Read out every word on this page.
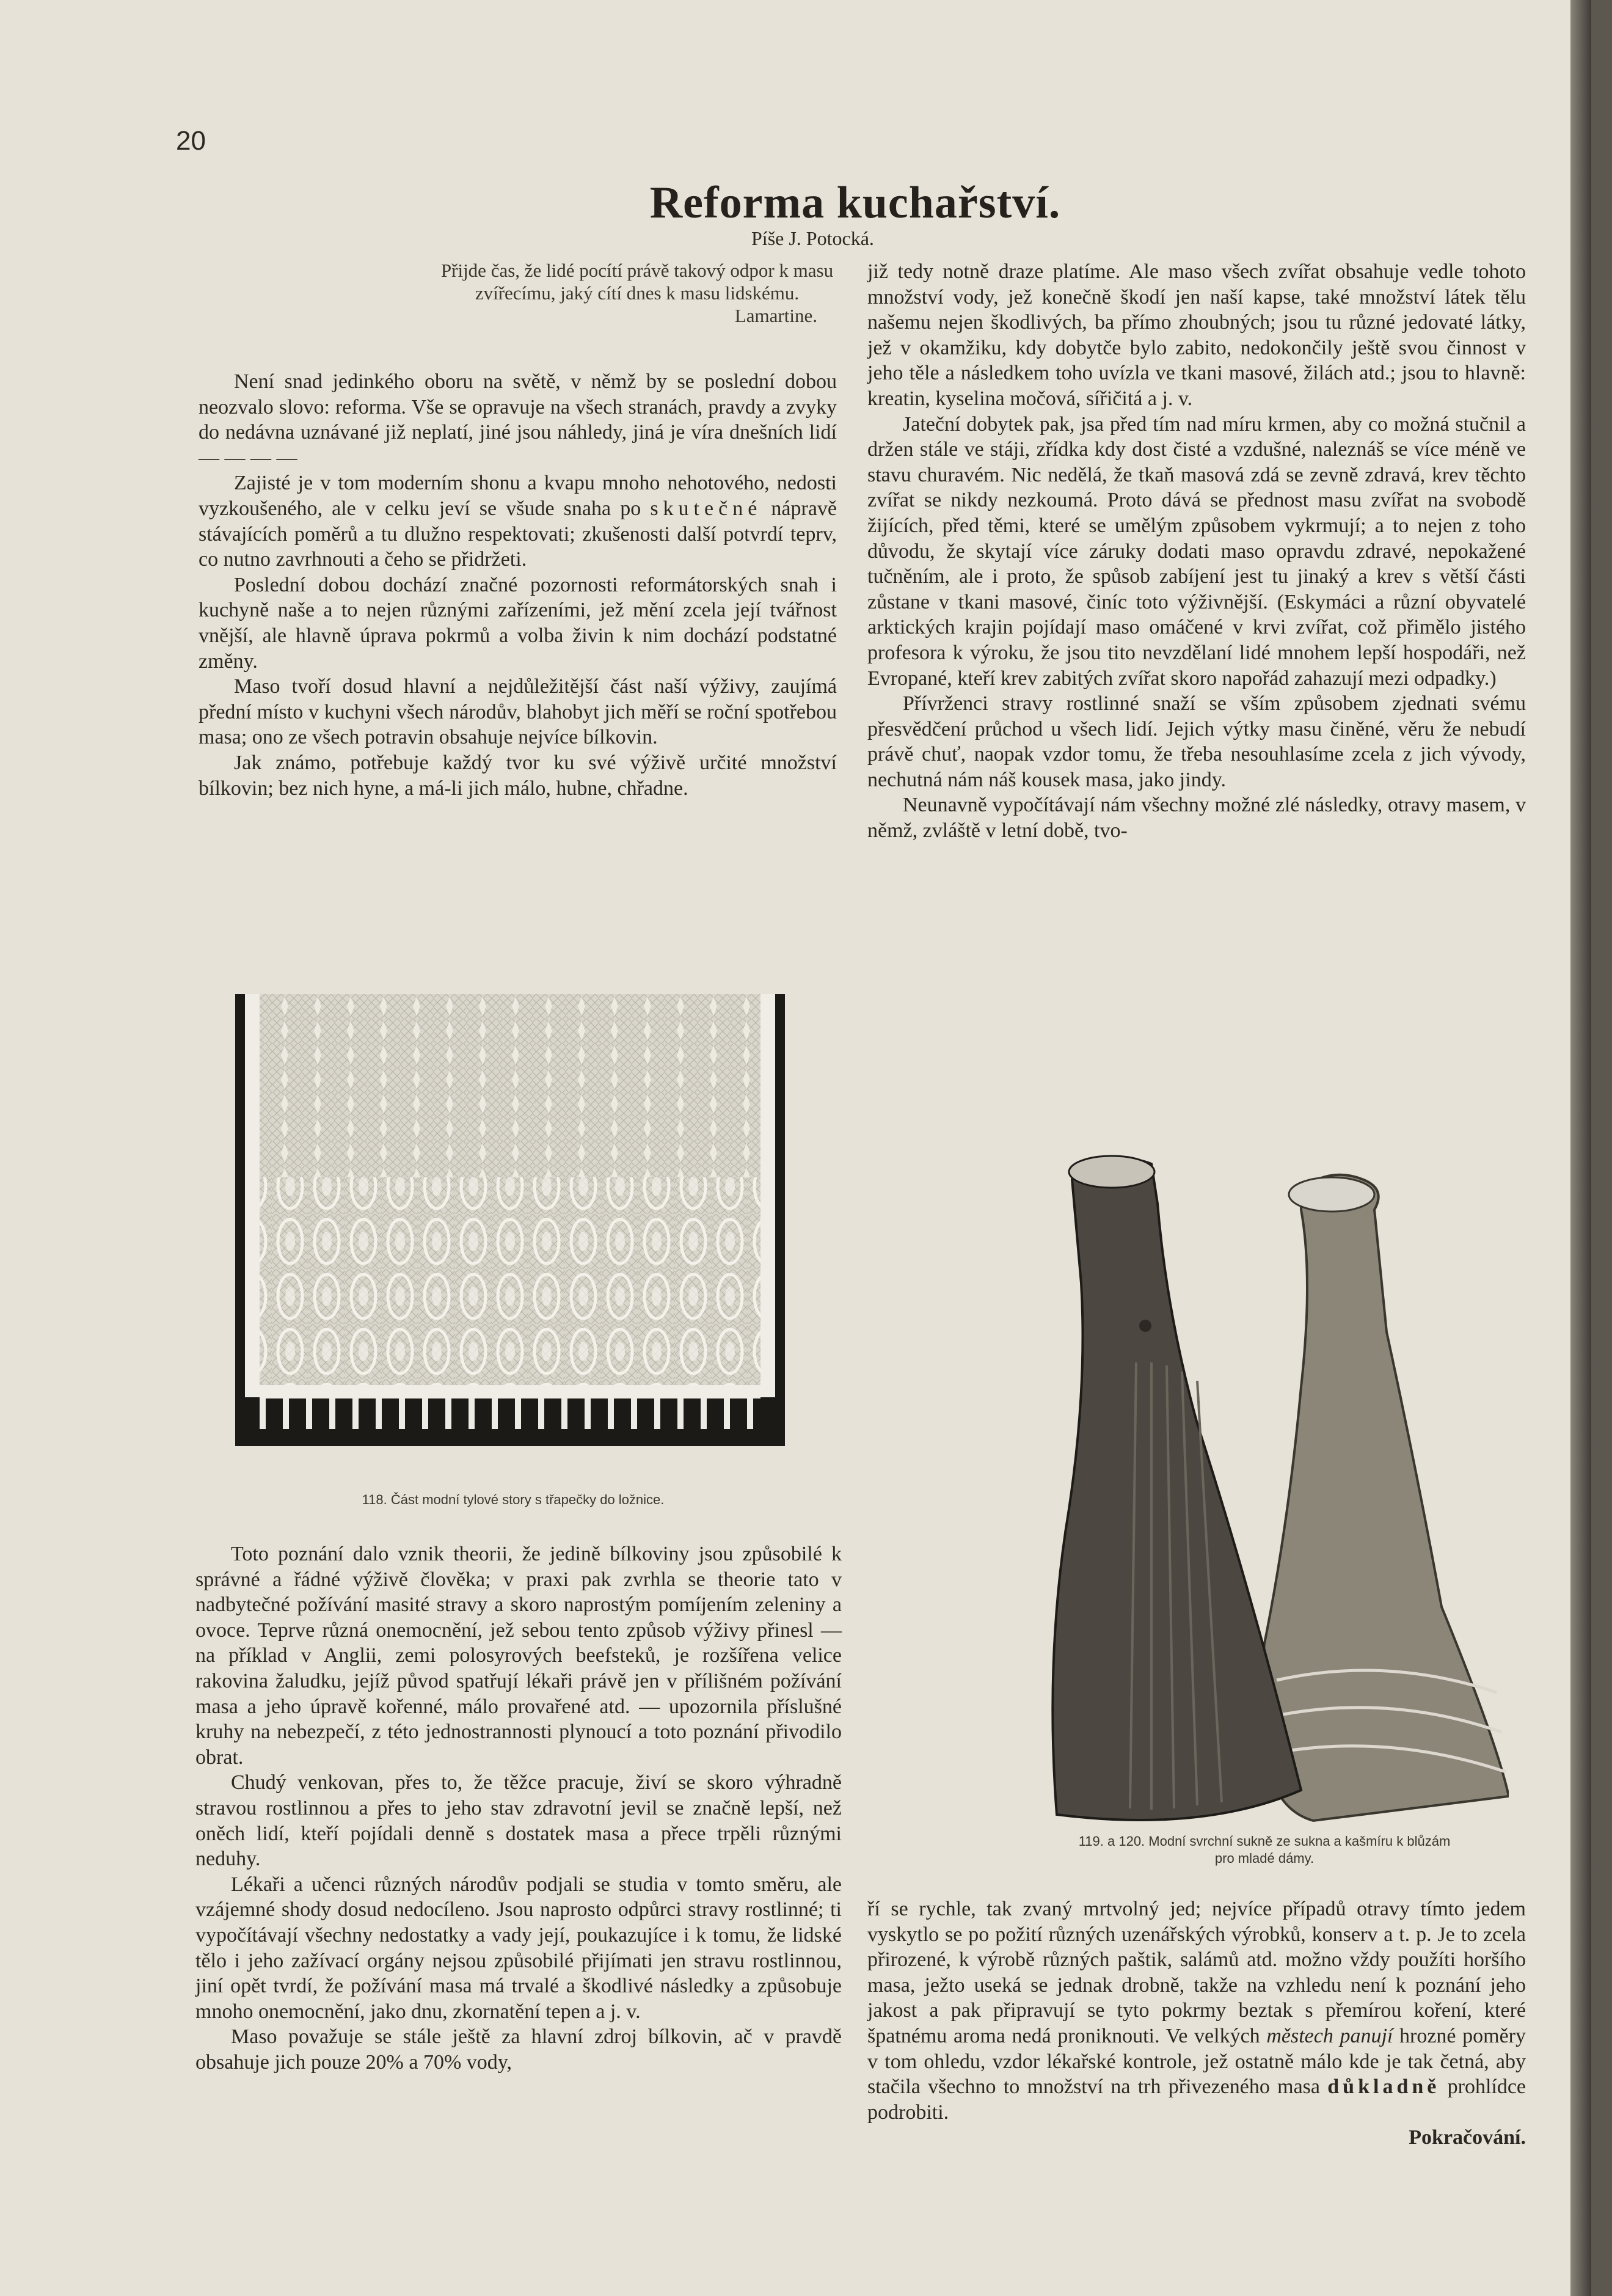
20
Reforma kuchařství.
Píše J. Potocká.
Přijde čas, že lidé pocítí právě takový odpor k masu zvířecímu, jaký cítí dnes k masu lidskému.
Lamartine.

Není snad jedinkého oboru na světě, v němž by se poslední dobou neozvalo slovo: reforma. Vše se opravuje na všech stranách, pravdy a zvyky do nedávna uznávané již neplatí, jiné jsou náhledy, jiná je víra dnešních lidí — — — —

Zajisté je v tom moderním shonu a kvapu mnoho nehotového, nedosti vyzkoušeného, ale v celku jeví se všude snaha po skutečné nápravě stávajících poměrů a tu dlužno respektovati; zkušenosti další potvrdí teprv, co nutno zavrhnouti a čeho se přidržeti.

Poslední dobou dochází značné pozornosti reformátorských snah i kuchyně naše a to nejen různými zařízeními, jež mění zcela její tvářnost vnější, ale hlavně úprava pokrmů a volba živin k nim dochází podstatné změny.

Maso tvoří dosud hlavní a nejdůležitější část naší výživy, zaujímá přední místo v kuchyni všech národův, blahobyt jich měří se roční spotřebou masa; ono ze všech potravin obsahuje nejvíce bílkovin.

Jak známo, potřebuje každý tvor ku své výživě určité množství bílkovin; bez nich hyne, a má-li jich málo, hubne, chřadne.

již tedy notně draze platíme. Ale maso všech zvířat obsahuje vedle tohoto množství vody, jež konečně škodí jen naší kapse, také množství látek tělu našemu nejen škodlivých, ba přímo zhoubných; jsou tu různé jedovaté látky, jež v okamžiku, kdy dobytče bylo zabito, nedokončily ještě svou činnost v jeho těle a následkem toho uvízla ve tkani masové, žilách atd.; jsou to hlavně: kreatin, kyselina močová, sířičitá a j. v.

Jateční dobytek pak, jsa před tím nad míru krmen, aby co možná stučnil a držen stále ve stáji, zřídka kdy dost čisté a vzdušné, naleznáš se více méně ve stavu churavém. Nic nedělá, že tkaň masová zdá se zevně zdravá, krev těchto zvířat se nikdy nezkoumá. Proto dává se přednost masu zvířat na svobodě žijících, před těmi, které se umělým způsobem vykrmují; a to nejen z toho důvodu, že skytají více záruky dodati maso opravdu zdravé, nepokažené tučněním, ale i proto, že spůsob zabíjení jest tu jinaký a krev s větší části zůstane v tkani masové, činíc toto výživnější. (Eskymáci a různí obyvatelé arktických krajin pojídají maso omáčené v krvi zvířat, což přimělo jistého profesora k výroku, že jsou tito nevzdělaní lidé mnohem lepší hospodáři, než Evropané, kteří krev zabitých zvířat skoro napořád zahazují mezi odpadky.)

Přívrženci stravy rostlinné snaží se vším způsobem zjednati svému přesvědčení průchod u všech lidí. Jejich výtky masu činěné, věru že nebudí právě chuť, naopak vzdor tomu, že třeba nesouhlasíme zcela z jich vývody, nechutná nám náš kousek masa, jako jindy.

Neunavně vypočítávají nám všechny možné zlé následky, otravy masem, v němž, zvláště v letní době, tvo-

118. Část modní tylové story s třapečky do ložnice.
119. a 120. Modní svrchní sukně ze sukna a kašmíru k blůzám
pro mladé dámy.

Toto poznání dalo vznik theorii, že jedině bílkoviny jsou způsobilé k správné a řádné výživě člověka; v praxi pak zvrhla se theorie tato v nadbytečné požívání masité stravy a skoro naprostým pomíjením zeleniny a ovoce. Teprve různá onemocnění, jež sebou tento způsob výživy přinesl — na příklad v Anglii, zemi polosyrových beefsteků, je rozšířena velice rakovina žaludku, jejíž původ spatřují lékaři právě jen v přílišném požívání masa a jeho úpravě kořenné, málo provařené atd. — upozornila příslušné kruhy na nebezpečí, z této jednostrannosti plynoucí a toto poznání přivodilo obrat.

Chudý venkovan, přes to, že těžce pracuje, živí se skoro výhradně stravou rostlinnou a přes to jeho stav zdravotní jevil se značně lepší, než oněch lidí, kteří pojídali denně s dostatek masa a přece trpěli různými neduhy.

Lékaři a učenci různých národův podjali se studia v tomto směru, ale vzájemné shody dosud nedocíleno. Jsou naprosto odpůrci stravy rostlinné; ti vypočítávají všechny nedostatky a vady její, poukazujíce i k tomu, že lidské tělo i jeho zažívací orgány nejsou způsobilé přijímati jen stravu rostlinnou, jiní opět tvrdí, že požívání masa má trvalé a škodlivé následky a způsobuje mnoho onemocnění, jako dnu, zkornatění tepen a j. v.

Maso považuje se stále ještě za hlavní zdroj bílkovin, ač v pravdě obsahuje jich pouze 20% a 70% vody,

ří se rychle, tak zvaný mrtvolný jed; nejvíce případů otravy tímto jedem vyskytlo se po požití různých uzenářských výrobků, konserv a t. p. Je to zcela přirozené, k výrobě různých paštik, salámů atd. možno vždy použíti horšího masa, ježto useká se jednak drobně, takže na vzhledu není k poznání jeho jakost a pak připravují se tyto pokrmy beztak s přemírou koření, které špatnému aroma nedá proniknouti. Ve velkých městech panují hrozné poměry v tom ohledu, vzdor lékařské kontrole, jež ostatně málo kde je tak četná, aby stačila všechno to množství na trh přivezeného masa důkladně prohlídce podrobiti.

Pokračování.
